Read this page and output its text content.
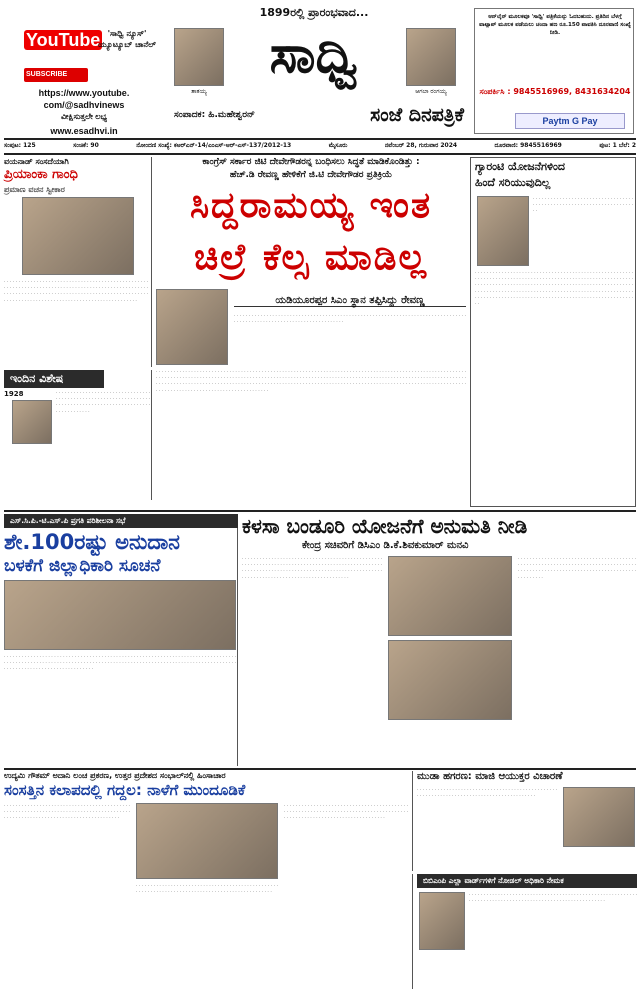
YouTube 'ಸಾಧ್ವಿ ನ್ಯೂಸ್' ಯ್ಯೂಟ್ಯೂಬ್ ಚಾನೆಲ್
SUBSCRIBE
https://www.youtube.
com/@sadhvinews
ವೀಕ್ಷಿಸುತ್ತಲೇ ಲಭ್ಯ
www.esadhvi.in
1899ರಲ್ಲಿ ಪ್ರಾರಂಭವಾದ...
ತಾತಯ್ಯ
ಸಾಧ್ವಿ
ಆಗಲಾ ರಂಗಯ್ಯ
ಸಂಪಾದಕ: ಹಿ.ಮಹೇಶ್ವರನ್	ಸಂಜೆ ದಿನಪತ್ರಿಕೆ
ಆನ್‌ಲೈನ್ ಮೂಲಕವೂ 'ಸಾಧ್ವಿ' ಪತ್ರಿಕೆಯನ್ನು ಓದಬಹುದು. ಪ್ರತಿದಿನ ಬೆಳಗ್ಗೆ ವಾಟ್ಸಾಪ್ ಮೂಲಕ ಪಡೆಯಲು ಚಂದಾ ಹಣ ರೂ.150 ಪಾವತಿಸಿ ದೂರವಾಣಿ ಸಂಖ್ಯೆ ನೀಡಿ.
ಸಂಪರ್ಕಿಸಿ : 9845516969, 8431634204
Paytm G Pay
ಸಂಪುಟ: 125	ಸಂಚಿಕೆ: 90	ನೋಂದಣಿ ಸಂಖ್ಯೆ: ಕಅರ್‌ಎನ್-14/ಎಂಎಸ್-ಆರ್-ಎಸ್-137/2012-13	ಮೈಸೂರು	ನವೆಂಬರ್ 28, ಗುರುವಾರ 2024	ದೂರವಾಣಿ: 9845516969	ಪುಟ: 1 ಬೆಲೆ: 2
ವಯನಾಡ್ ಸಂಸದೆಯಾಗಿ
ಪ್ರಿಯಾಂಕಾ ಗಾಂಧಿ
ಪ್ರಮಾಣ ವಚನ ಸ್ವೀಕಾರ
. . . . . . . . . . . . . . . . . . . . . . . . . . . . . . . . . . . . . . . . . . . . . . . . . . . . . . . . . . . . . . . . . . . . . . . . . . . . . . . . . . . . . . . . . . . . . . . . . . . . . . . . . . . . . . . . . . . . . . . . . . . . . . . . . . . . . . . . . . . . . . . . . . . . . . . . . . . . . . . . . . . . . . . . . . . . . . . . . . . . . . . . . . . . . . . . .
ಇಂದಿನ ವಿಶೇಷ
1928	. . . . . . . . . . . . . . . . . . . . . . . . . . . . . . . . . . . . . . . . . . . . . . . . . . . . . . . . . . . . . . . . . . . . . . . . . . . . . . . . . . . . . . . . . . . . . . . . . . . . . . . . . . . .
ಕಾಂಗ್ರೆಸ್ ಸರ್ಕಾರ ಜಿಟಿ ದೇವೇಗೌಡರನ್ನ ಬಂಧಿಸಲು ಸಿದ್ಧತೆ ಮಾಡಿಕೊಂಡಿತ್ತು :
ಹೆಚ್.ಡಿ ರೇವಣ್ಣ ಹೇಳಿಕೆಗೆ ಜಿ.ಟಿ ದೇವೇಗೌಡರ ಪ್ರತಿಕ್ರಿಯೆ
ಸಿದ್ದರಾಮಯ್ಯ ಇಂತ
ಚಿಲ್ರೆ ಕೆಲ್ಸ ಮಾಡಿಲ್ಲ
ಯಡಿಯೂರಪ್ಪರ ಸಿಎಂ ಸ್ಥಾನ ತಪ್ಪಿಸಿದ್ದು ರೇವಣ್ಣ
. . . . . . . . . . . . . . . . . . . . . . . . . . . . . . . . . . . . . . . . . . . . . . . . . . . . . . . . . . . . . . . . . . . . . . . . . . . . . . . . . . . . . . . . . . . . . . . . . . . . . . . . . . . . . . . . . . . . .
. . . . . . . . . . . . . . . . . . . . . . . . . . . . . . . . . . . . . . . . . . . . . . . . . . . . . . . . . . . . . . . . . . . . . . . . . . . . . . . . . . . . . . . . . . . . . . . . . . . . . . . . . . . . . . . . . . . . . . . . . . . . . . . . . . . . . . . . . . . . . . . . . . . . . . . . . . . . . . . . . . . . . . . . . . . . . . . . . . . . . . . . . . . . . . . . . . . . . . . . . . . . . . . . . . . . . . . . . . . . . . . . . . . . . . . . . . . . . . . . . . . . . . . . . . . . . . . . . . . . . . . . . . . . . . . . . . . . . . . . . . . . . . . . . . . . . . . . . . . . . . . . . . . . . . . . . . . . . . . . . . . . . . . . . . . . . . . . . . . . . . . . . . . . . . . . . . . . .
ಗ್ಯಾರಂಟಿ ಯೋಜನೆಗಳಿಂದ
ಹಿಂದೆ ಸರಿಯುವುದಿಲ್ಲ
. . . . . . . . . . . . . . . . . . . . . . . . . . . . . . . . . . . . . . . . . . . . . . . . . . . . . . . . . . . . . . . . . . . . . .
. . . . . . . . . . . . . . . . . . . . . . . . . . . . . . . . . . . . . . . . . . . . . . . . . . . . . . . . . . . . . . . . . . . . . . . . . . . . . . . . . . . . . . . . . . . . . . . . . . . . . . . . . . . . . . . . . . . . . . . . . . . . . . . . . . . . . . . . . . . . . . . . . . . . . . . . . . . . . . . . . . . . . . . . . . . . . . . . . . . . . . . . . . . . . . . . . . . . . . . . . . . . . . . . . . . . . . . . . . . . . . . . . . . . . . . . . . . . . . . . . . . . . . . . . . . . . . . . . . . . . . . . . . . . . . . .
ಎಸ್.ಸಿ.ಪಿ.-ಟಿ.ಎಸ್.ಪಿ ಪ್ರಗತಿ ಪರಿಶೀಲನಾ ಸಭೆ
ಶೇ.100ರಷ್ಟು ಅನುದಾನ
ಬಳಕೆಗೆ ಜಿಲ್ಲಾಧಿಕಾರಿ ಸೂಚನೆ
. . . . . . . . . . . . . . . . . . . . . . . . . . . . . . . . . . . . . . . . . . . . . . . . . . . . . . . . . . . . . . . . . . . . . . . . . . . . . . . . . . . . . . . . . . . . . . . . . . . . . . . . . . . . . . . . . . . . . . . . . . . . . . . . . . . . . . . . . . . . . . . . . . . . . . . . . . . . . . . . . . . . . . . . . . . . . . . . . . . . . . . . . . . . .
ಕಳಸಾ ಬಂಡೂರಿ ಯೋಜನೆಗೆ ಅನುಮತಿ ನೀಡಿ
ಕೇಂದ್ರ ಸಚಿವರಿಗೆ ಡಿಸಿಎಂ ಡಿ.ಕೆ.ಶಿವಕುಮಾರ್ ಮನವಿ
. . . . . . . . . . . . . . . . . . . . . . . . . . . . . . . . . . . . . . . . . . . . . . . . . . . . . . . . . . . . . . . . . . . . . . . . . . . . . . . . . . . . . . . . . . . . . . . . . . . . . . . . . . . . . . . . . . . . . . . . . . . . . . . . . . . . . . . . . . . . . . . . . . . . . . . . . . . . . . . . . . . . . . . . . . . . . . . . . . . . .
. . . . . . . . . . . . . . . . . . . . . . . . . . . . . . . . . . . . . . . . . . . . . . . . . . . . . . . . . . . . . . . . . . . . . . . . . . . . . . . . . . . . . . . . . . . . . . . . . . . . . . . . . . . . . . . . . . . . . . . . . . . . . . . . .
ಉದ್ಯಮಿ ಗೌತಮ್ ಅದಾನಿ ಲಂಚ ಪ್ರಕರಣ, ಉತ್ತರ ಪ್ರದೇಶದ ಸಂಭಾಲ್‌ನಲ್ಲಿ ಹಿಂಸಾಚಾರ
ಸಂಸತ್ತಿನ ಕಲಾಪದಲ್ಲಿ ಗದ್ದಲ: ನಾಳೆಗೆ ಮುಂದೂಡಿಕೆ
. . . . . . . . . . . . . . . . . . . . . . . . . . . . . . . . . . . . . . . . . . . . . . . . . . . . . . . . . . . . . . . . . . . . . . . . . . . . . . . . . . . . . . . . . . . . . . . . . . . . . . . . . . . . . . . . . . . . . . . . . . . . . .
. . . . . . . . . . . . . . . . . . . . . . . . . . . . . . . . . . . . . . . . . . . . . . . . . . . . . . . . . . . . . . . . . . . . . . . . . . . . . . . . . . . . . . . . . . . . . . . .
. . . . . . . . . . . . . . . . . . . . . . . . . . . . . . . . . . . . . . . . . . . . . . . . . . . . . . . . . . . . . . . . . . . . . . . . . . . . . . . . . . . . . . . . . . . . . . . . . . . . . . . . . . . . . . . . . . . . . . .
ಮುಡಾ ಹಗರಣ: ಮಾಜಿ ಆಯುಕ್ತರ ವಿಚಾರಣೆ
. . . . . . . . . . . . . . . . . . . . . . . . . . . . . . . . . . . . . . . . . . . . . . . . . . . . . . . . . . . . . . . . . . . . . . . . . . . . . . . . . . . . . . . . .
ಬಿಬಿಎಂಪಿ ಎಲ್ಲಾ ವಾರ್ಡ್‌ಗಳಿಗೆ ನೋಡಲ್ ಅಧಿಕಾರಿ ನೇಮಕ
. . . . . . . . . . . . . . . . . . . . . . . . . . . . . . . . . . . . . . . . . . . . . . . . . . . . . . . . . . . . . . . . . . . . . . . . . . . . . . . . . . . . . . . . . . . . . . . . . . . . . . . . .
